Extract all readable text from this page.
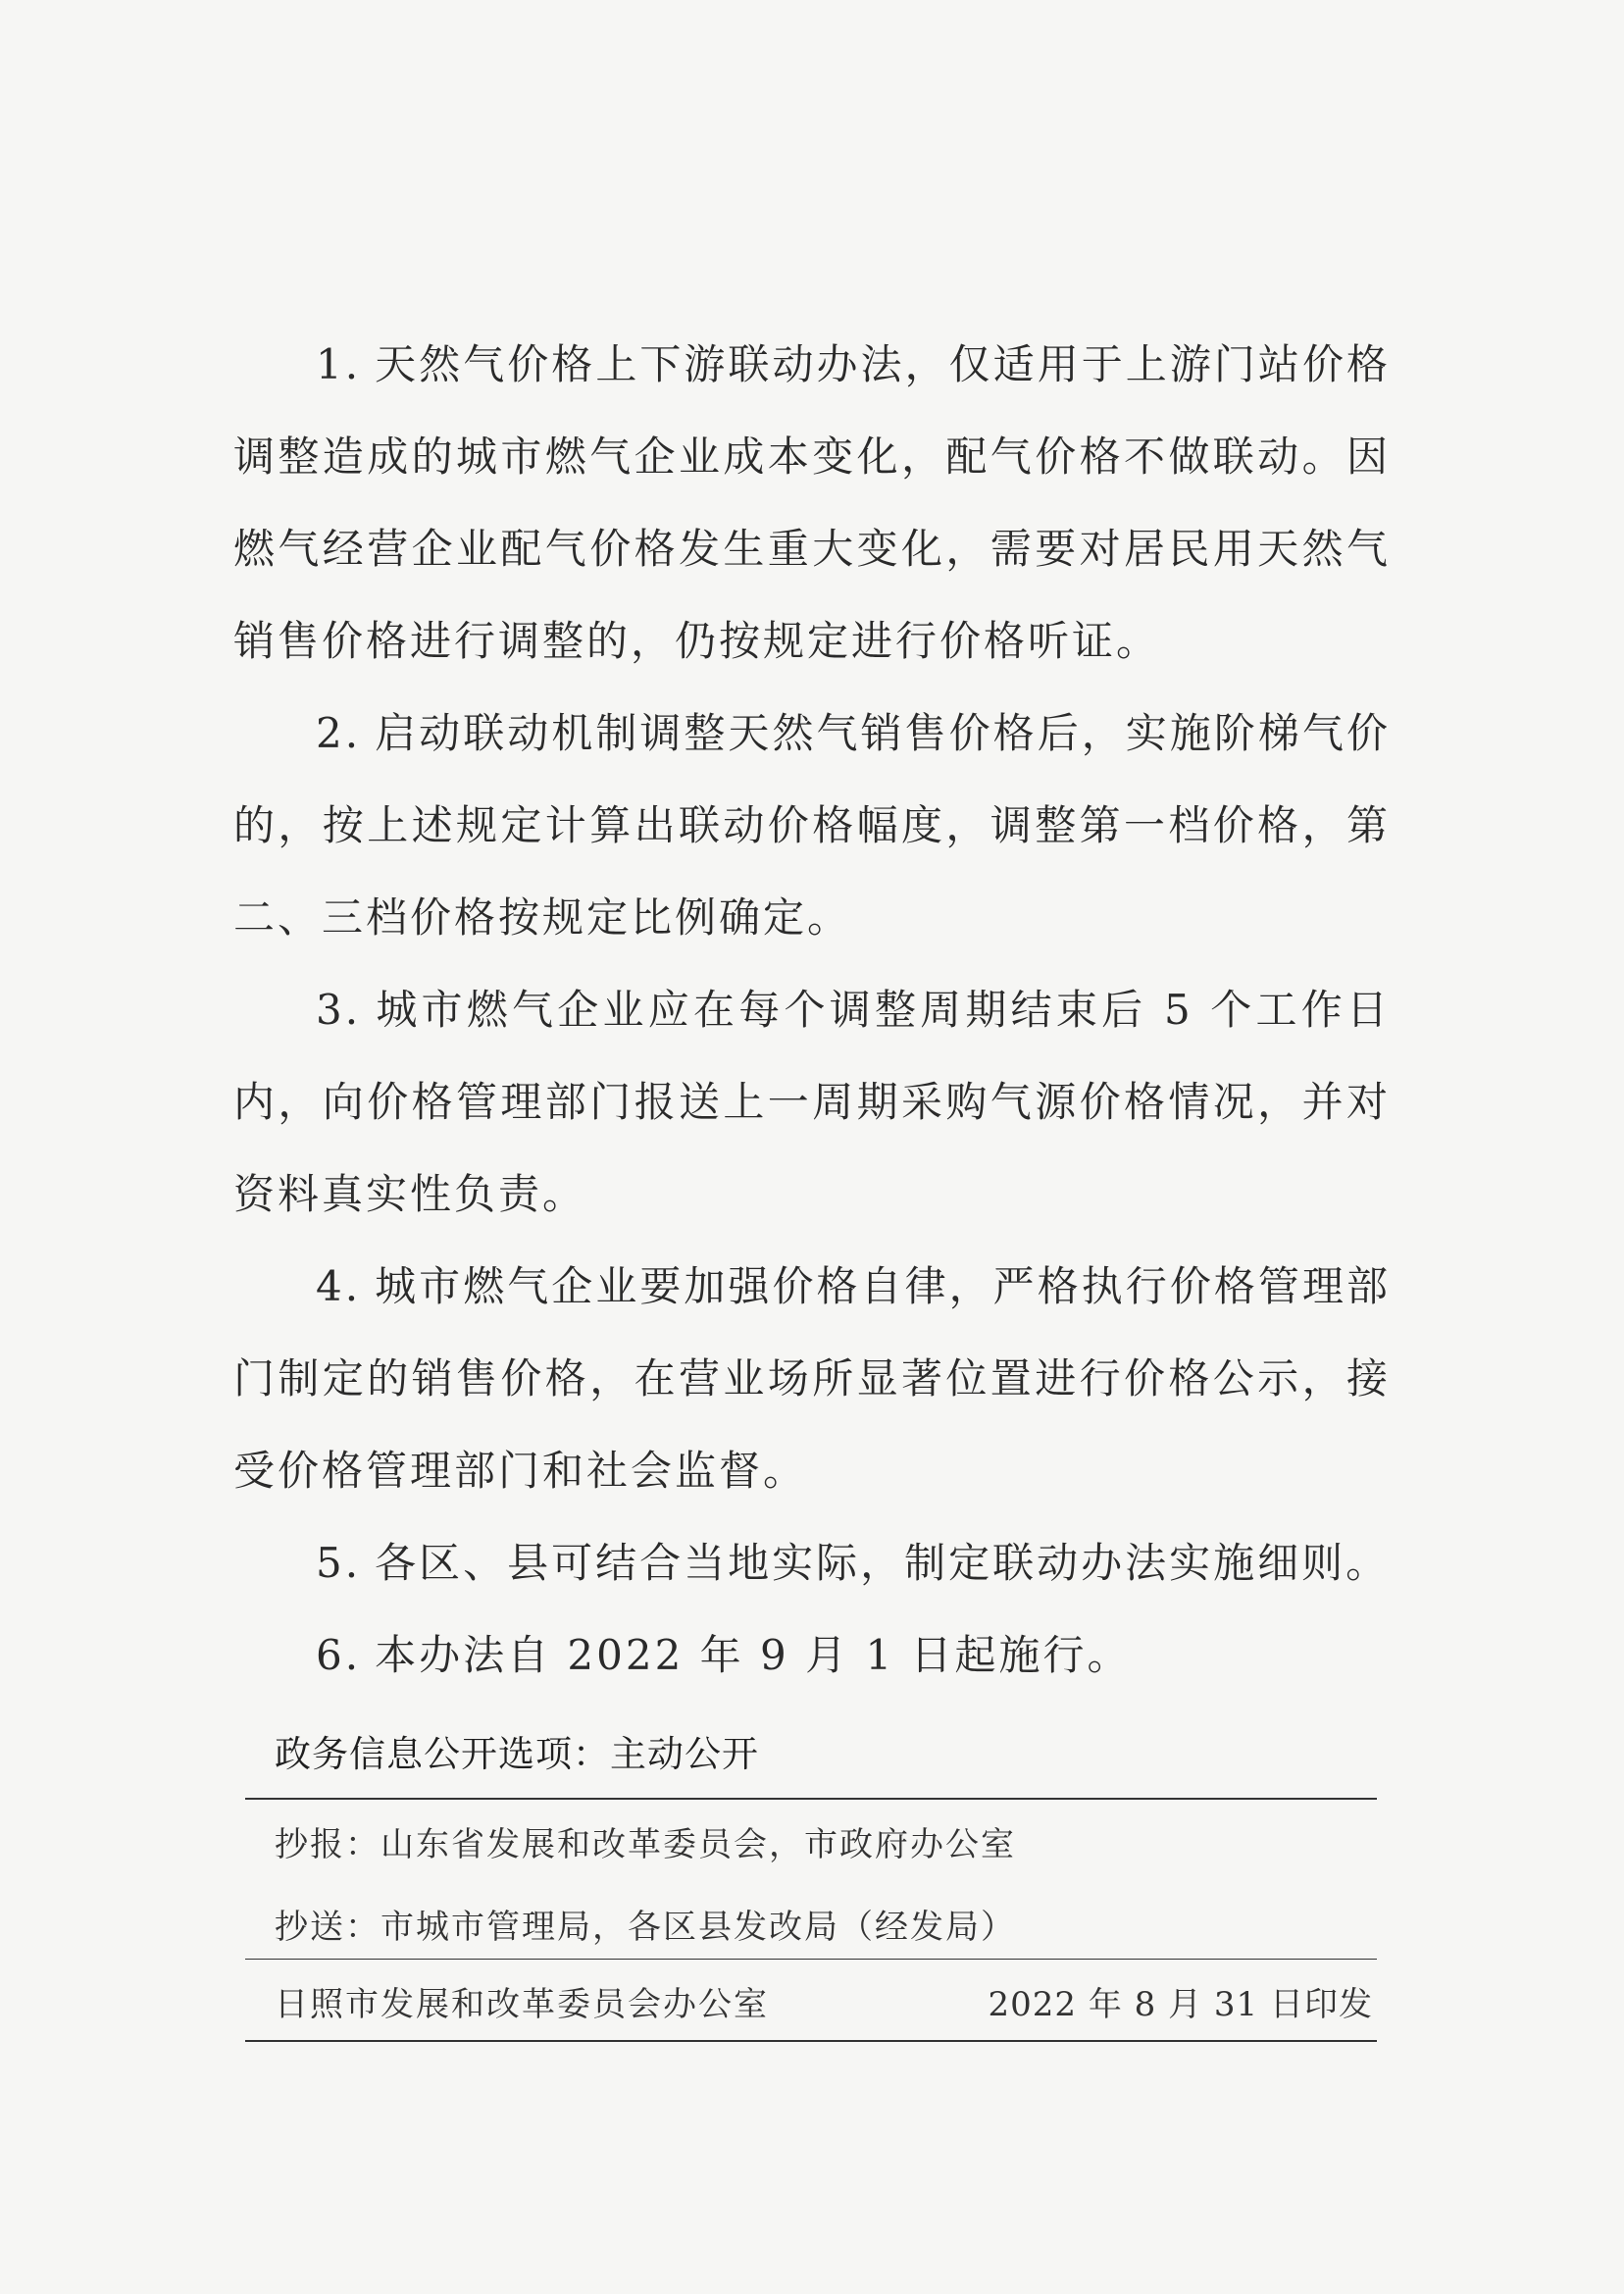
1. 天然气价格上下游联动办法，仅适用于上游门站价格调整造成的城市燃气企业成本变化，配气价格不做联动。因燃气经营企业配气价格发生重大变化，需要对居民用天然气销售价格进行调整的，仍按规定进行价格听证。

2. 启动联动机制调整天然气销售价格后，实施阶梯气价的，按上述规定计算出联动价格幅度，调整第一档价格，第二、三档价格按规定比例确定。

3. 城市燃气企业应在每个调整周期结束后 5 个工作日内，向价格管理部门报送上一周期采购气源价格情况，并对资料真实性负责。

4. 城市燃气企业要加强价格自律，严格执行价格管理部门制定的销售价格，在营业场所显著位置进行价格公示，接受价格管理部门和社会监督。

5. 各区、县可结合当地实际，制定联动办法实施细则。

6. 本办法自 2022 年 9 月 1 日起施行。

政务信息公开选项：主动公开
抄报：山东省发展和改革委员会，市政府办公室
抄送：市城市管理局，各区县发改局（经发局）
日照市发展和改革委员会办公室	2022 年 8 月 31 日印发
